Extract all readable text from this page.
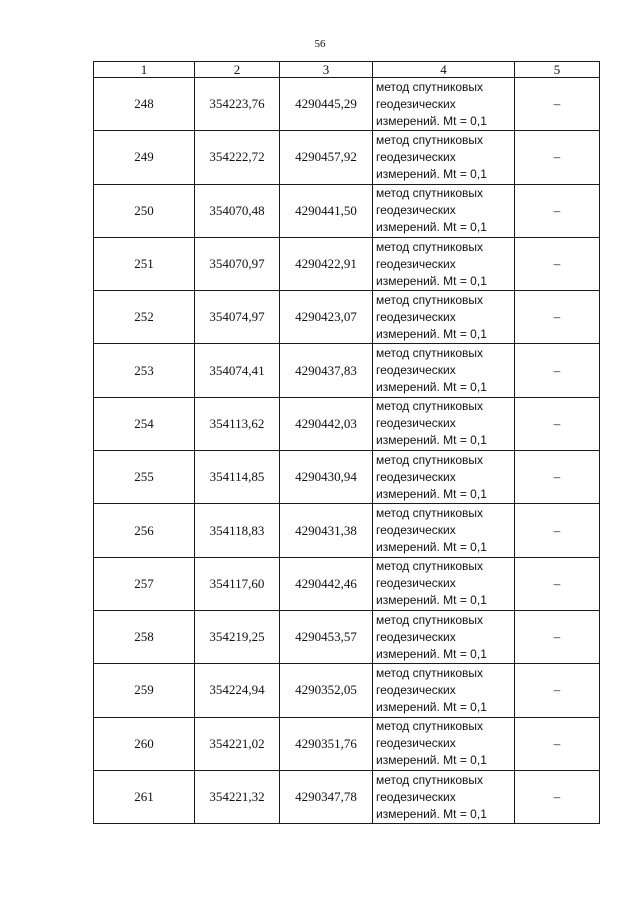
56
1	2	3	4	5
248	354223,76	4290445,29	метод спутниковых
геодезических
измерений. Mt = 0,1	–
249	354222,72	4290457,92	метод спутниковых
геодезических
измерений. Mt = 0,1	–
250	354070,48	4290441,50	метод спутниковых
геодезических
измерений. Mt = 0,1	–
251	354070,97	4290422,91	метод спутниковых
геодезических
измерений. Mt = 0,1	–
252	354074,97	4290423,07	метод спутниковых
геодезических
измерений. Mt = 0,1	–
253	354074,41	4290437,83	метод спутниковых
геодезических
измерений. Mt = 0,1	–
254	354113,62	4290442,03	метод спутниковых
геодезических
измерений. Mt = 0,1	–
255	354114,85	4290430,94	метод спутниковых
геодезических
измерений. Mt = 0,1	–
256	354118,83	4290431,38	метод спутниковых
геодезических
измерений. Mt = 0,1	–
257	354117,60	4290442,46	метод спутниковых
геодезических
измерений. Mt = 0,1	–
258	354219,25	4290453,57	метод спутниковых
геодезических
измерений. Mt = 0,1	–
259	354224,94	4290352,05	метод спутниковых
геодезических
измерений. Mt = 0,1	–
260	354221,02	4290351,76	метод спутниковых
геодезических
измерений. Mt = 0,1	–
261	354221,32	4290347,78	метод спутниковых
геодезических
измерений. Mt = 0,1	–
